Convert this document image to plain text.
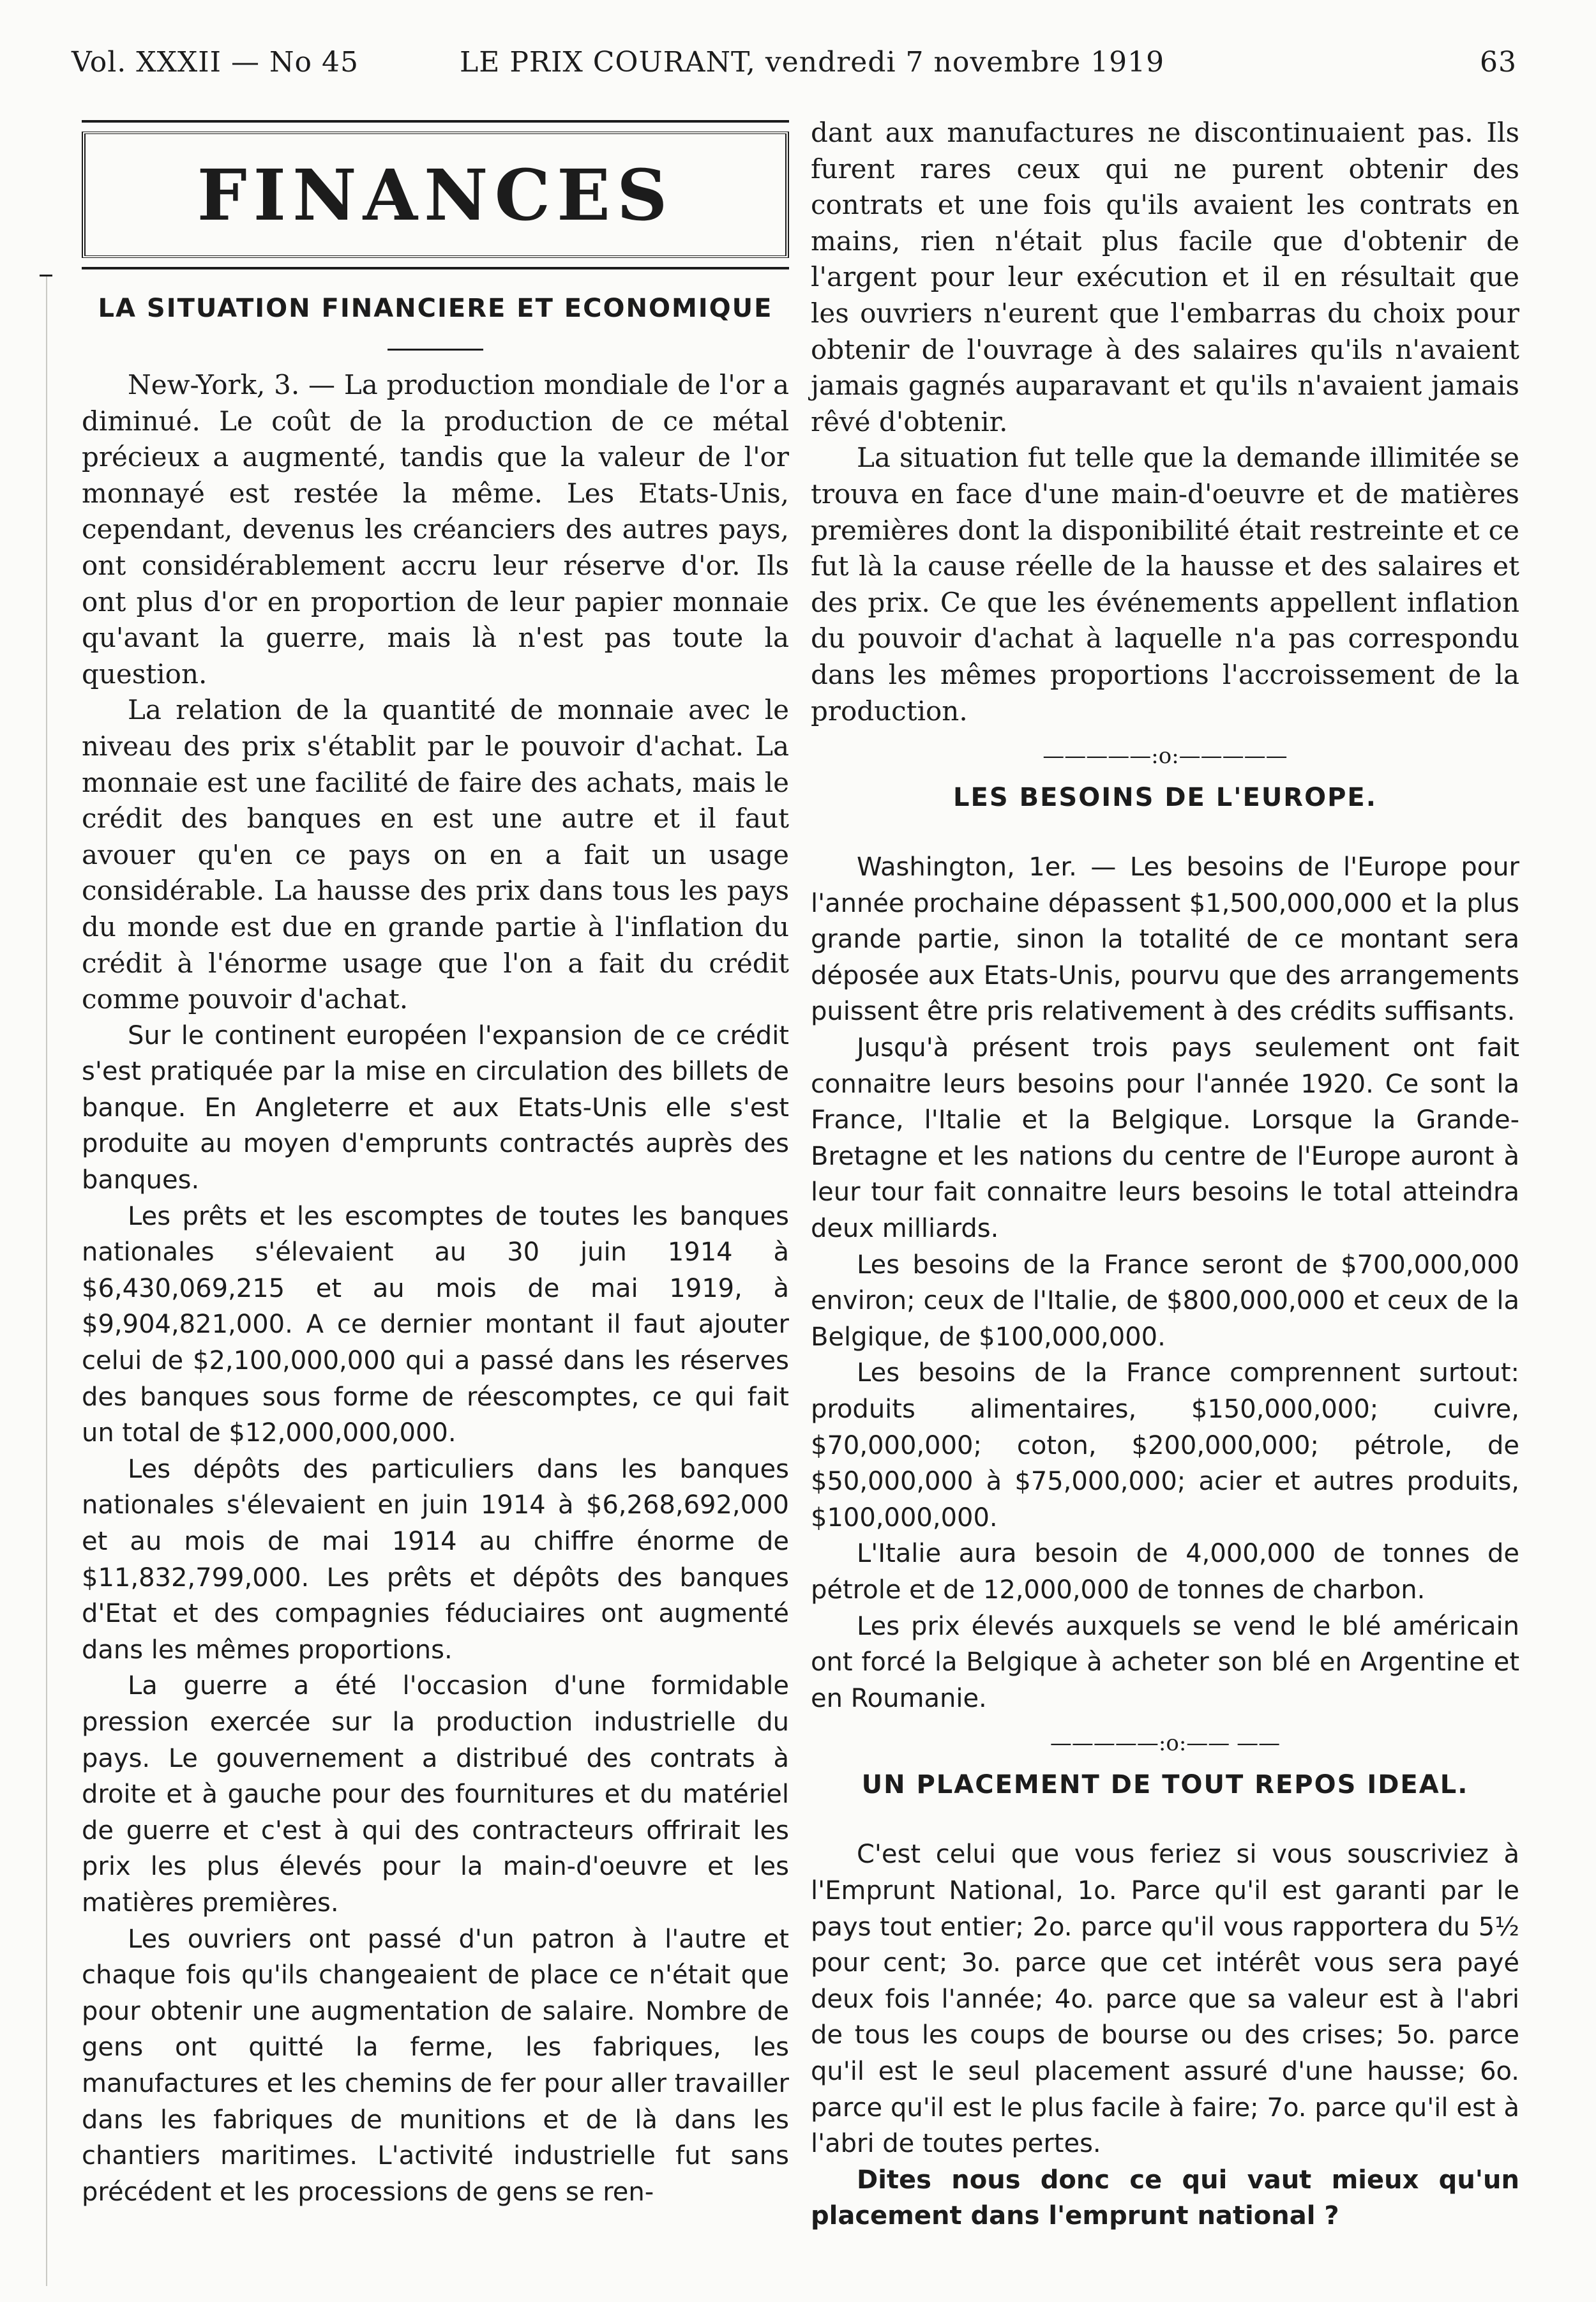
Vol. XXXII — No 45	LE PRIX COURANT, vendredi 7 novembre 1919	63
FINANCES
LA SITUATION FINANCIERE ET ECONOMIQUE

New-York, 3. — La production mondiale de l'or a diminué. Le coût de la production de ce métal précieux a augmenté, tandis que la valeur de l'or monnayé est restée la même. Les Etats-Unis, cependant, devenus les créanciers des autres pays, ont considérablement accru leur réserve d'or. Ils ont plus d'or en proportion de leur papier monnaie qu'avant la guerre, mais là n'est pas toute la question.

La relation de la quantité de monnaie avec le niveau des prix s'établit par le pouvoir d'achat. La monnaie est une facilité de faire des achats, mais le crédit des banques en est une autre et il faut avouer qu'en ce pays on en a fait un usage considérable. La hausse des prix dans tous les pays du monde est due en grande partie à l'inflation du crédit à l'énorme usage que l'on a fait du crédit comme pouvoir d'achat.

Sur le continent européen l'expansion de ce crédit s'est pratiquée par la mise en circulation des billets de banque. En Angleterre et aux Etats-Unis elle s'est produite au moyen d'emprunts contractés auprès des banques.

Les prêts et les escomptes de toutes les banques nationales s'élevaient au 30 juin 1914 à $6,430,069,215 et au mois de mai 1919, à $9,904,821,000. A ce dernier montant il faut ajouter celui de $2,100,000,000 qui a passé dans les réserves des banques sous forme de réescomptes, ce qui fait un total de $12,000,000,000.

Les dépôts des particuliers dans les banques nationales s'élevaient en juin 1914 à $6,268,692,000 et au mois de mai 1914 au chiffre énorme de $11,832,799,000. Les prêts et dépôts des banques d'Etat et des compagnies féduciaires ont augmenté dans les mêmes proportions.

La guerre a été l'occasion d'une formidable pression exercée sur la production industrielle du pays. Le gouvernement a distribué des contrats à droite et à gauche pour des fournitures et du matériel de guerre et c'est à qui des contracteurs offrirait les prix les plus élevés pour la main-d'oeuvre et les matières premières.

Les ouvriers ont passé d'un patron à l'autre et chaque fois qu'ils changeaient de place ce n'était que pour obtenir une augmentation de salaire. Nombre de gens ont quitté la ferme, les fabriques, les manufactures et les chemins de fer pour aller travailler dans les fabriques de munitions et de là dans les chantiers maritimes. L'activité industrielle fut sans précédent et les processions de gens se ren-

dant aux manufactures ne discontinuaient pas. Ils furent rares ceux qui ne purent obtenir des contrats et une fois qu'ils avaient les contrats en mains, rien n'était plus facile que d'obtenir de l'argent pour leur exécution et il en résultait que les ouvriers n'eurent que l'embarras du choix pour obtenir de l'ouvrage à des salaires qu'ils n'avaient jamais gagnés auparavant et qu'ils n'avaient jamais rêvé d'obtenir.

La situation fut telle que la demande illimitée se trouva en face d'une main-d'oeuvre et de matières premières dont la disponibilité était restreinte et ce fut là la cause réelle de la hausse et des salaires et des prix. Ce que les événements appellent inflation du pouvoir d'achat à laquelle n'a pas correspondu dans les mêmes proportions l'accroissement de la production.

—————:o:—————
LES BESOINS DE L'EUROPE.

Washington, 1er. — Les besoins de l'Europe pour l'année prochaine dépassent $1,500,000,000 et la plus grande partie, sinon la totalité de ce montant sera déposée aux Etats-Unis, pourvu que des arrangements puissent être pris relativement à des crédits suffisants.

Jusqu'à présent trois pays seulement ont fait connaitre leurs besoins pour l'année 1920. Ce sont la France, l'Italie et la Belgique. Lorsque la Grande-Bretagne et les nations du centre de l'Europe auront à leur tour fait connaitre leurs besoins le total atteindra deux milliards.

Les besoins de la France seront de $700,000,000 environ; ceux de l'Italie, de $800,000,000 et ceux de la Belgique, de $100,000,000.

Les besoins de la France comprennent surtout: produits alimentaires, $150,000,000; cuivre, $70,000,000; coton, $200,000,000; pétrole, de $50,000,000 à $75,000,000; acier et autres produits, $100,000,000.

L'Italie aura besoin de 4,000,000 de tonnes de pétrole et de 12,000,000 de tonnes de charbon.

Les prix élevés auxquels se vend le blé américain ont forcé la Belgique à acheter son blé en Argentine et en Roumanie.

—————:o:—— ——
UN PLACEMENT DE TOUT REPOS IDEAL.

C'est celui que vous feriez si vous souscriviez à l'Emprunt National, 1o. Parce qu'il est garanti par le pays tout entier; 2o. parce qu'il vous rapportera du 5½ pour cent; 3o. parce que cet intérêt vous sera payé deux fois l'année; 4o. parce que sa valeur est à l'abri de tous les coups de bourse ou des crises; 5o. parce qu'il est le seul placement assuré d'une hausse; 6o. parce qu'il est le plus facile à faire; 7o. parce qu'il est à l'abri de toutes pertes.

Dites nous donc ce qui vaut mieux qu'un placement dans l'emprunt national ?
